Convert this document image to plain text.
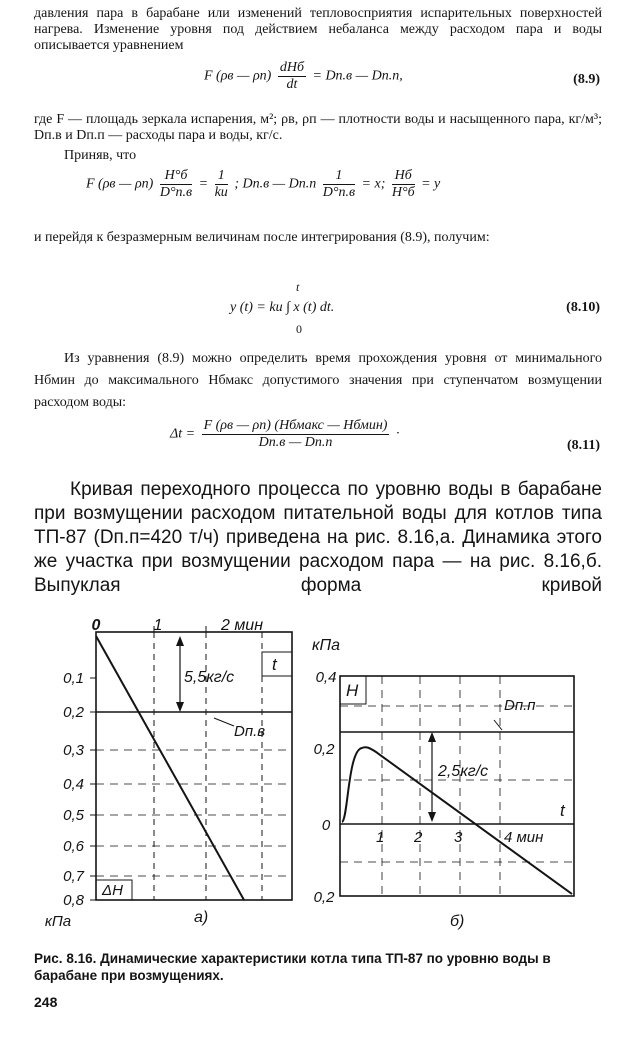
давления пара в барабане или изменений тепловосприятия испарительных поверхностей нагрева. Изменение уровня под действием небаланса между расходом пара и воды описывается уравнением
F (ρв — ρп)
dHб
dt
= Dп.в — Dп.п,	(8.9)
где F — площадь зеркала испарения, м²; ρв, ρп — плотности воды и насыщенного пара, кг/м³; Dп.в и Dп.п — расходы пара и воды, кг/с.
Приняв, что
F (ρв — ρп)
H°б
D°п.в
=
1
kи
; Dп.в — Dп.п
1
D°п.в
= x;
Hб
H°б
= y
и перейдя к безразмерным величинам после интегрирования (8.9), получим:
t
y (t) = kи ∫ x (t) dt.
0
(8.10)
Из уравнения (8.9) можно определить время прохождения уровня от минимального Hбмин до максимального Hбмакс допустимого значения при ступенчатом возмущении расходом воды:
Δt =
F (ρв — ρп) (Hбмакс — Hбмин)
Dп.в — Dп.п
·
(8.11)
Кривая переходного процесса по уровню воды в барабане при возмущении расходом питательной воды для котлов типа ТП-87 (Dп.п=420 т/ч) приведена на рис. 8.16,а. Динамика этого же участка при возмущении расходом пара — на рис. 8.16,б. Выпуклая форма кривой
0	1	2 мин
0,1
0,2
0,3
0,4
0,5
0,6
0,7
0,8
кПа
5,5кг/с
t
Dп.в
ΔH
а)
кПа
0,4
0,2
0
0,2
H
Dп.п
2,5кг/с
t
1 2 3	4 мин
б)
Рис. 8.16. Динамические характеристики котла типа ТП-87 по уровню воды в барабане при возмущениях.
248
